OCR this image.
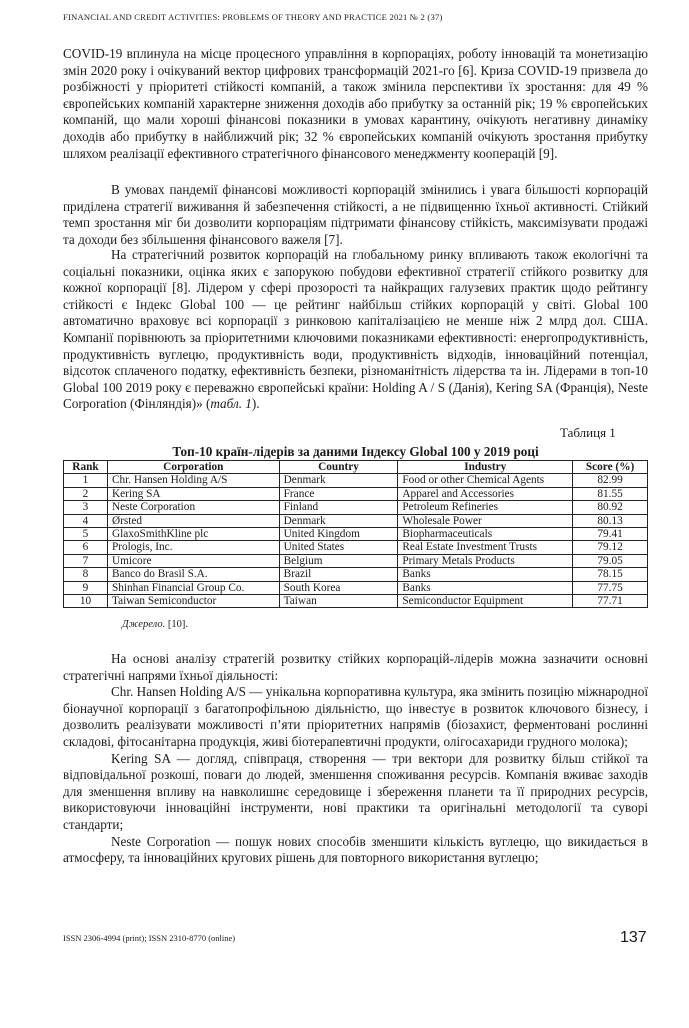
FINANCIAL AND CREDIT ACTIVITIES: PROBLEMS OF THEORY AND PRACTICE 2021 № 2 (37)

COVID-19 вплинула на місце процесного управління в корпораціях, роботу інновацій та монетизацію змін 2020 року і очікуваний вектор цифрових трансформацій 2021-го [6]. Криза COVID-19 призвела до розбіжності у пріоритеті стійкості компаній, а також змінила перспективи їх зростання: для 49 % європейських компаній характерне зниження доходів або прибутку за останній рік; 19 % європейських компаній, що мали хороші фінансові показники в умовах карантину, очікують негативну динаміку доходів або прибутку в найближчий рік; 32 % європейських компаній очікують зростання прибутку шляхом реалізації ефективного стратегічного фінансового менеджменту кооперацій [9].

В умовах пандемії фінансові можливості корпорацій змінились і увага більшості корпорацій приділена стратегії виживання й забезпечення стійкості, а не підвищенню їхньої активності. Стійкий темп зростання міг би дозволити корпораціям підтримати фінансову стійкість, максимізувати продажі та доходи без збільшення фінансового важеля [7].

На стратегічний розвиток корпорацій на глобальному ринку впливають також екологічні та соціальні показники, оцінка яких є запорукою побудови ефективної стратегії стійкого розвитку для кожної корпорації [8]. Лідером у сфері прозорості та найкращих галузевих практик щодо рейтингу стійкості є Індекс Global 100 — це рейтинг найбільш стійких корпорацій у світі. Global 100 автоматично враховує всі корпорації з ринковою капіталізацією не менше ніж 2 млрд дол. США. Компанії порівнюють за пріоритетними ключовими показниками ефективності: енергопродуктивність, продуктивність вуглецю, продуктивність води, продуктивність відходів, інноваційний потенціал, відсоток сплаченого податку, ефективність безпеки, різноманітність лідерства та ін. Лідерами в топ-10 Global 100 2019 року є переважно європейські країни: Holding A / S (Данія), Kering SA (Франція), Neste Corporation (Фінляндія)» (табл. 1).

Таблиця 1
Топ-10 країн-лідерів за даними Індексу Global 100 у 2019 році
Rank	Corporation	Country	Industry	Score (%)
1	Chr. Hansen Holding A/S	Denmark	Food or other Chemical Agents	82.99
2	Kering SA	France	Apparel and Accessories	81.55
3	Neste Corporation	Finland	Petroleum Refineries	80.92
4	Ørsted	Denmark	Wholesale Power	80.13
5	GlaxoSmithKline plc	United Kingdom	Biopharmaceuticals	79.41
6	Prologis, Inc.	United States	Real Estate Investment Trusts	79.12
7	Umicore	Belgium	Primary Metals Products	79.05
8	Banco do Brasil S.A.	Brazil	Banks	78.15
9	Shinhan Financial Group Co.	South Korea	Banks	77.75
10	Taiwan Semiconductor	Taiwan	Semiconductor Equipment	77.71
Джерело. [10].

На основі аналізу стратегій розвитку стійких корпорацій-лідерів можна зазначити основні стратегічні напрями їхньої діяльності:

Chr. Hansen Holding A/S — унікальна корпоративна культура, яка змінить позицію міжнародної біонаучної корпорації з багатопрофільною діяльністю, що інвестує в розвиток ключового бізнесу, і дозволить реалізувати можливості п’яти пріоритетних напрямів (біозахист, ферментовані рослинні складові, фітосанітарна продукція, живі біотерапевтичні продукти, олігосахариди грудного молока);

Kering SA — догляд, співпраця, створення — три вектори для розвитку більш стійкої та відповідальної розкоші, поваги до людей, зменшення споживання ресурсів. Компанія вживає заходів для зменшення впливу на навколишнє середовище і збереження планети та її природних ресурсів, використовуючи інноваційні інструменти, нові практики та оригінальні методології та суворі стандарти;

Neste Corporation — пошук нових способів зменшити кількість вуглецю, що викидається в атмосферу, та інноваційних кругових рішень для повторного використання вуглецю;

ISSN 2306-4994 (print); ISSN 2310-8770 (online)	137
